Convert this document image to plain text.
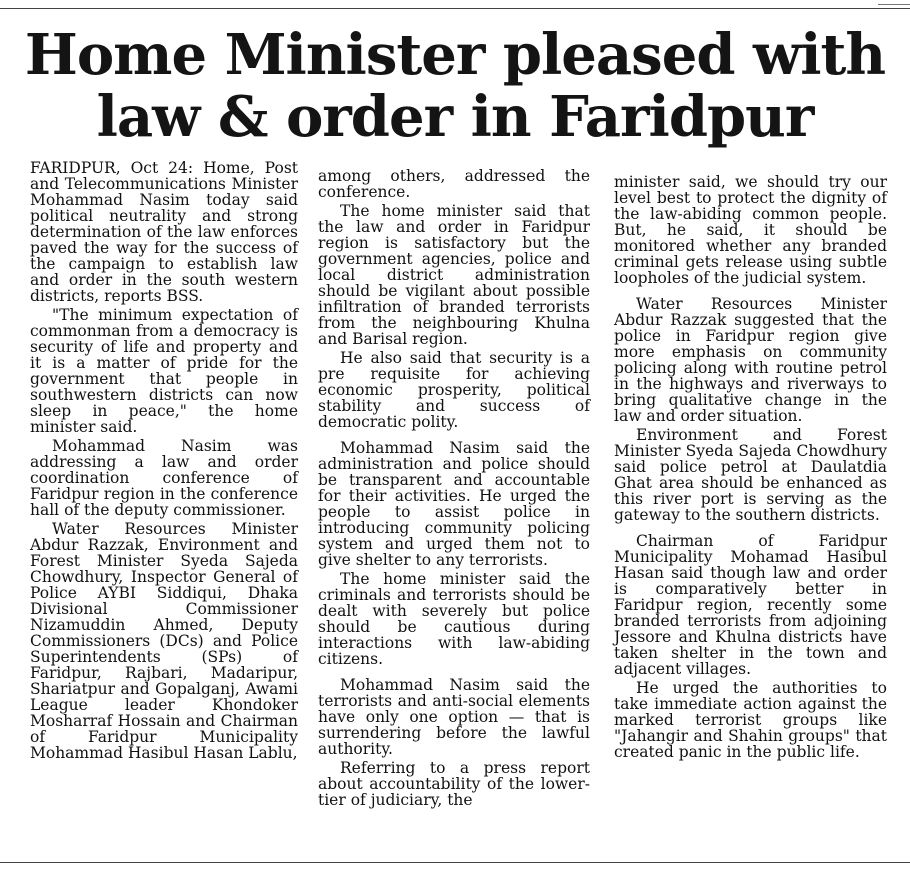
Home Minister pleased with law & order in Faridpur

FARIDPUR, Oct 24: Home, Post and Telecommunications Minister Mohammad Nasim today said political neutrality and strong determination of the law enforces paved the way for the success of the campaign to establish law and order in the south western districts, reports BSS.

"The minimum expectation of commonman from a democracy is security of life and property and it is a matter of pride for the government that people in southwestern districts can now sleep in peace," the home minister said.

Mohammad Nasim was addressing a law and order coordination conference of Faridpur region in the conference hall of the deputy commissioner.

Water Resources Minister Abdur Razzak, Environment and Forest Minister Syeda Sajeda Chowdhury, Inspector General of Police AYBI Siddiqui, Dhaka Divisional Commissioner Nizamuddin Ahmed, Deputy Commissioners (DCs) and Police Superintendents (SPs) of Faridpur, Rajbari, Madaripur, Shariatpur and Gopalganj, Awami League leader Khondoker Mosharraf Hossain and Chairman of Faridpur Municipality Mohammad Hasibul Hasan Lablu,

among others, addressed the conference.

The home minister said that the law and order in Faridpur region is satisfactory but the government agencies, police and local district administration should be vigilant about possible infiltration of branded terrorists from the neighbouring Khulna and Barisal region.

He also said that security is a pre requisite for achieving economic prosperity, political stability and success of democratic polity.

Mohammad Nasim said the administration and police should be transparent and accountable for their activities. He urged the people to assist police in introducing community policing system and urged them not to give shelter to any terrorists.

The home minister said the criminals and terrorists should be dealt with severely but police should be cautious during interactions with law-abiding citizens.

Mohammad Nasim said the terrorists and anti-social elements have only one option — that is surrendering before the lawful authority.

Referring to a press report about accountability of the lower-tier of judiciary, the

minister said, we should try our level best to protect the dignity of the law-abiding common people. But, he said, it should be monitored whether any branded criminal gets release using subtle loopholes of the judicial system.

Water Resources Minister Abdur Razzak suggested that the police in Faridpur region give more emphasis on community policing along with routine petrol in the highways and riverways to bring qualitative change in the law and order situation.

Environment and Forest Minister Syeda Sajeda Chowdhury said police petrol at Daulatdia Ghat area should be enhanced as this river port is serving as the gateway to the southern districts.

Chairman of Faridpur Municipality Mohamad Hasibul Hasan said though law and order is comparatively better in Faridpur region, recently some branded terrorists from adjoining Jessore and Khulna districts have taken shelter in the town and adjacent villages.

He urged the authorities to take immediate action against the marked terrorist groups like "Jahangir and Shahin groups" that created panic in the public life.
